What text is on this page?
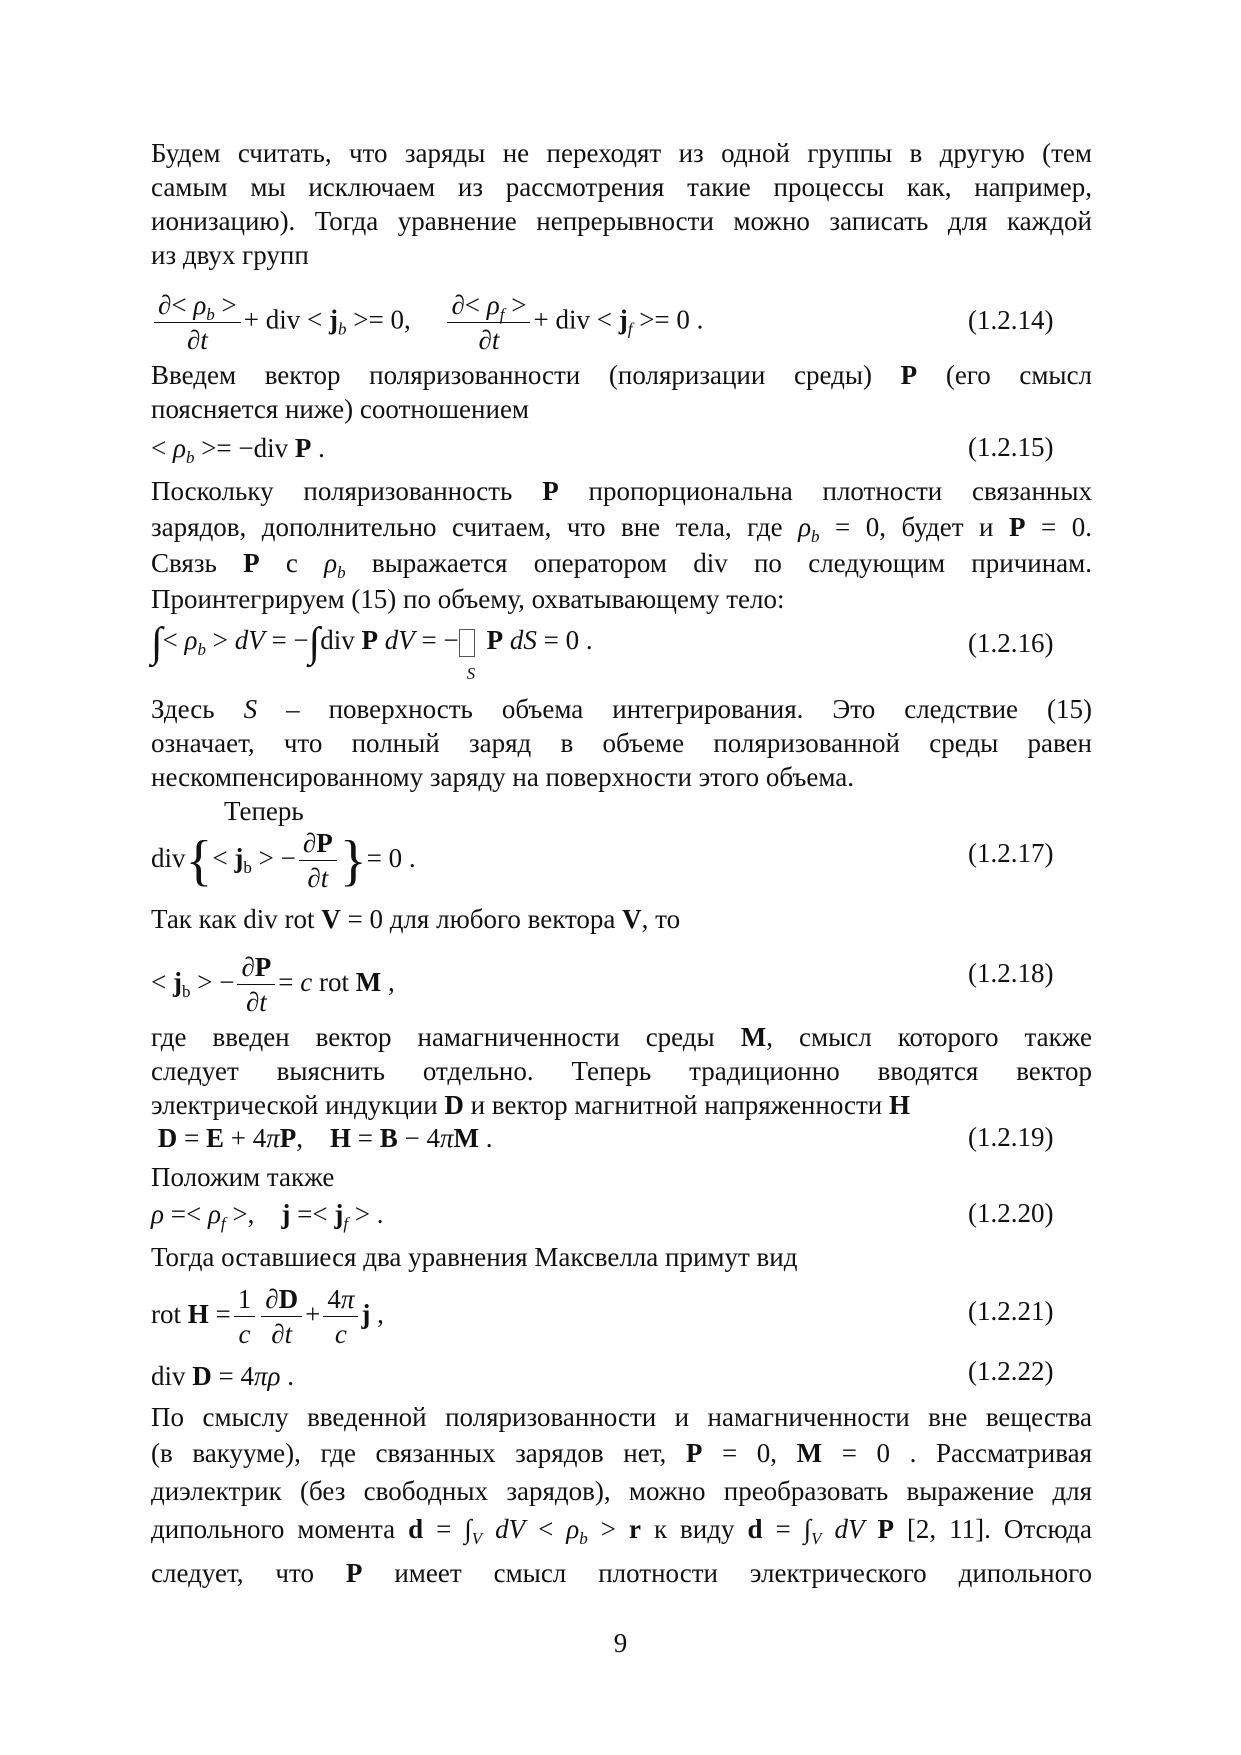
Будем считать, что заряды не переходят из одной группы в другую (тем
самым мы исключаем из рассмотрения такие процессы как, например,
ионизацию). Тогда уравнение непрерывности можно записать для каждой
из двух групп
$\frac{\partial< \rho_b >}{\partial t}$ + div < $j_b >= 0$, $\frac{\partial< \rho_f >}{\partial t}$ + div < $j_f >= 0$ .	(1.2.14)
Введем вектор поляризованности (поляризации среды) P (его смысл
поясняется ниже) соотношением
< $\rho_b >= -div$ P .	(1.2.15)
Поскольку поляризованность P пропорциональна плотности связанных
зарядов, дополнительно считаем, что вне тела, где $\rho_b = 0$, будет и P = 0.
Связь P с $\rho_b$ выражается оператором div по следующим причинам.
Проинтегрируем (15) по объему, охватывающему тело:
∫< $\rho_b$ > dV = −∫div P dV = −
S
P dS = 0 .	(1.2.16)
Здесь S – поверхность объема интегрирования. Это следствие (15)
означает, что полный заряд в объеме поляризованной среды равен
нескомпенсированному заряду на поверхности этого объема.
Теперь
$div\{< j_b$ > − $\frac{\partial P}{\partial t}$ }= 0 .	(1.2.17)
Так как div rot V = 0 для любого вектора V, то
< $j_b$ > − $\frac{\partial P}{\partial t} = c$ rot M ,	(1.2.18)
где введен вектор намагниченности среды M, смысл которого также
следует выяснить отдельно. Теперь традиционно вводятся вектор
электрической индукции D и вектор магнитной напряженности H
D = E + 4πP,    H = B − 4πM .	(1.2.19)
Положим также
$\rho =< \rho_f$ >,    $j =< j_f$ > .	(1.2.20)
Тогда оставшиеся два уравнения Максвелла примут вид
rot $H = \frac{1}{c} \frac{\partial D}{\partial t} + \frac{4\pi}{c}$ j ,	(1.2.21)
div D = 4πρ .	(1.2.22)
По смыслу введенной поляризованности и намагниченности вне вещества
(в вакууме), где связанных зарядов нет, P = 0, M = 0 . Рассматривая
диэлектрик (без свободных зарядов), можно преобразовать выражение для
дипольного момента $d = \int_V$ dV < $\rho_b > r$ к виду $d = \int_V$ dV P [2, 11]. Отсюда
следует, что P имеет смысл плотности электрического дипольного
9
